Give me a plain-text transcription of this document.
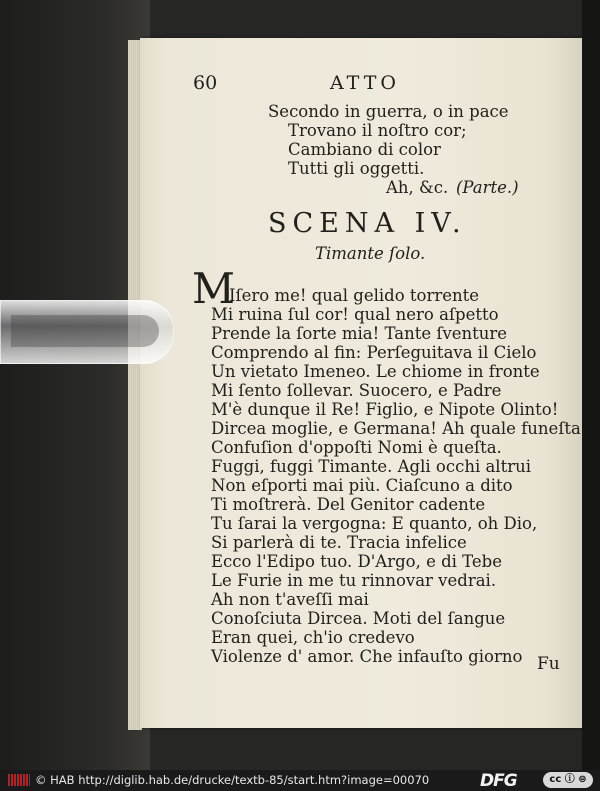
60	ATTO
Secondo in guerra, o in pace
Trovano il noſtro cor;
Cambiano di color
Tutti gli oggetti.
Ah, &c. (Parte.)
SCENA IV.
Timante ſolo.
M
Iſero me! qual gelido torrente
Mi ruina ſul cor! qual nero aſpetto
Prende la ſorte mia! Tante ſventure
Comprendo al fin: Perſeguitava il Cielo
Un vietato Imeneo. Le chiome in fronte
Mi ſento ſollevar. Suocero, e Padre
M'è dunque il Re! Figlio, e Nipote Olinto!
Dircea moglie, e Germana! Ah quale funeſta
Confuſion d'oppoſti Nomi è queſta.
Fuggi, fuggi Timante. Agli occhi altrui
Non eſporti mai più. Ciaſcuno a dito
Ti moſtrerà. Del Genitor cadente
Tu ſarai la vergogna: E quanto, oh Dio,
Si parlerà di te. Tracia infelice
Ecco l'Edipo tuo. D'Argo, e di Tebe
Le Furie in me tu rinnovar vedrai.
Ah non t'aveſſi mai
Conoſciuta Dircea. Moti del ſangue
Eran quei, ch'io credevo
Violenze d' amor. Che infauſto giorno Fu
© HAB http://diglib.hab.de/drucke/textb-85/start.htm?image=00070	DFG	cc ⓘ ⊜
